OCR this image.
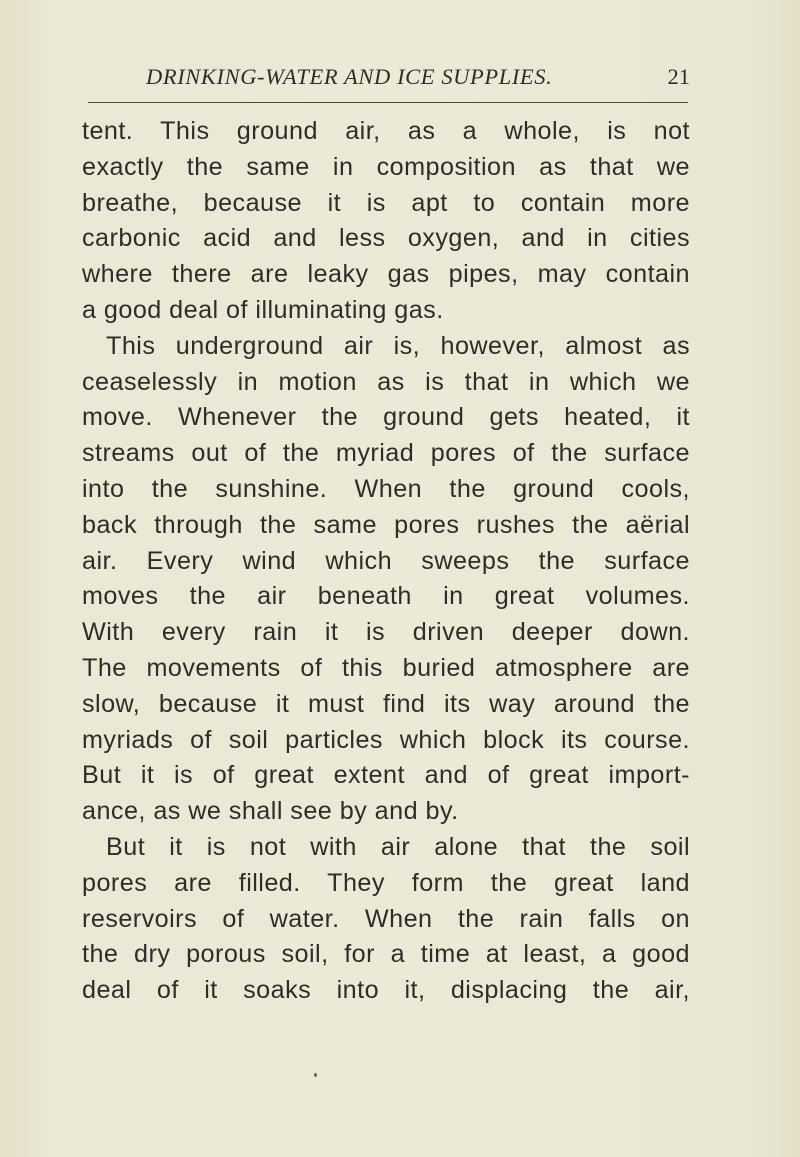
DRINKING-WATER AND ICE SUPPLIES.	21
tent. This ground air, as a whole, is not
exactly the same in composition as that we
breathe, because it is apt to contain more
carbonic acid and less oxygen, and in cities
where there are leaky gas pipes, may contain
a good deal of illuminating gas.
This underground air is, however, almost as
ceaselessly in motion as is that in which we
move. Whenever the ground gets heated, it
streams out of the myriad pores of the surface
into the sunshine. When the ground cools,
back through the same pores rushes the aërial
air. Every wind which sweeps the surface
moves the air beneath in great volumes.
With every rain it is driven deeper down.
The movements of this buried atmosphere are
slow, because it must find its way around the
myriads of soil particles which block its course.
But it is of great extent and of great import-
ance, as we shall see by and by.
But it is not with air alone that the soil
pores are filled. They form the great land
reservoirs of water. When the rain falls on
the dry porous soil, for a time at least, a good
deal of it soaks into it, displacing the air,
